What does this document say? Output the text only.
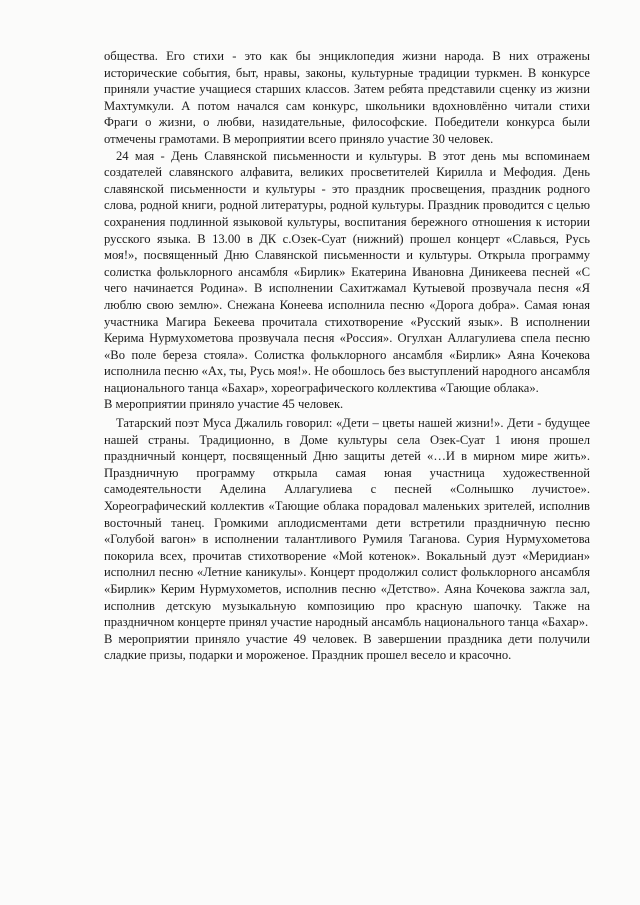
общества. Его стихи - это как бы энциклопедия жизни народа. В них отражены исторические события, быт, нравы, законы, культурные традиции туркмен. В конкурсе приняли участие учащиеся старших классов. Затем ребята представили сценку из жизни Махтумкули. А потом начался сам конкурс, школьники вдохновлённо читали стихи Фраги о жизни, о любви, назидательные, философские. Победители конкурса были отмечены грамотами. В мероприятии всего приняло участие 30 человек.

24 мая - День Славянской письменности и культуры. В этот день мы вспоминаем создателей славянского алфавита, великих просветителей Кирилла и Мефодия. День славянской письменности и культуры - это праздник просвещения, праздник родного слова, родной книги, родной литературы, родной культуры. Праздник проводится с целью сохранения подлинной языковой культуры, воспитания бережного отношения к истории русского языка. В 13.00 в ДК с.Озек-Суат (нижний) прошел концерт «Славься, Русь моя!», посвященный Дню Славянской письменности и культуры. Открыла программу солистка фольклорного ансамбля «Бирлик» Екатерина Ивановна Диникеева песней «С чего начинается Родина». В исполнении Сахитжамал Кутыевой прозвучала песня «Я люблю свою землю». Снежана Конеева исполнила песню «Дорога добра». Самая юная участника Магира Бекеева прочитала стихотворение «Русский язык». В исполнении Керима Нурмухометова прозвучала песня «Россия». Огулхан Аллагулиева спела песню «Во поле береза стояла». Солистка фольклорного ансамбля «Бирлик» Аяна Кочекова исполнила песню «Ах, ты, Русь моя!». Не обошлось без выступлений народного ансамбля национального танца «Бахар», хореографического коллектива «Тающие облака».

В мероприятии приняло участие 45 человек.

Татарский поэт Муса Джалиль говорил: «Дети – цветы нашей жизни!». Дети - будущее нашей страны. Традиционно, в Доме культуры села Озек-Суат 1 июня прошел праздничный концерт, посвященный Дню защиты детей «…И в мирном мире жить». Праздничную программу открыла самая юная участница художественной самодеятельности Аделина Аллагулиева с песней «Солнышко лучистое». Хореографический коллектив «Тающие облака порадовал маленьких зрителей, исполнив восточный танец. Громкими аплодисментами дети встретили праздничную песню «Голубой вагон» в исполнении талантливого Румиля Таганова. Сурия Нурмухометова покорила всех, прочитав стихотворение «Мой котенок». Вокальный дуэт «Меридиан» исполнил песню «Летние каникулы». Концерт продолжил солист фольклорного ансамбля «Бирлик» Керим Нурмухометов, исполнив песню «Детство». Аяна Кочекова зажгла зал, исполнив детскую музыкальную композицию про красную шапочку. Также на праздничном концерте принял участие народный ансамбль национального танца «Бахар».

В мероприятии приняло участие 49 человек. В завершении праздника дети получили сладкие призы, подарки и мороженое. Праздник прошел весело и красочно.
